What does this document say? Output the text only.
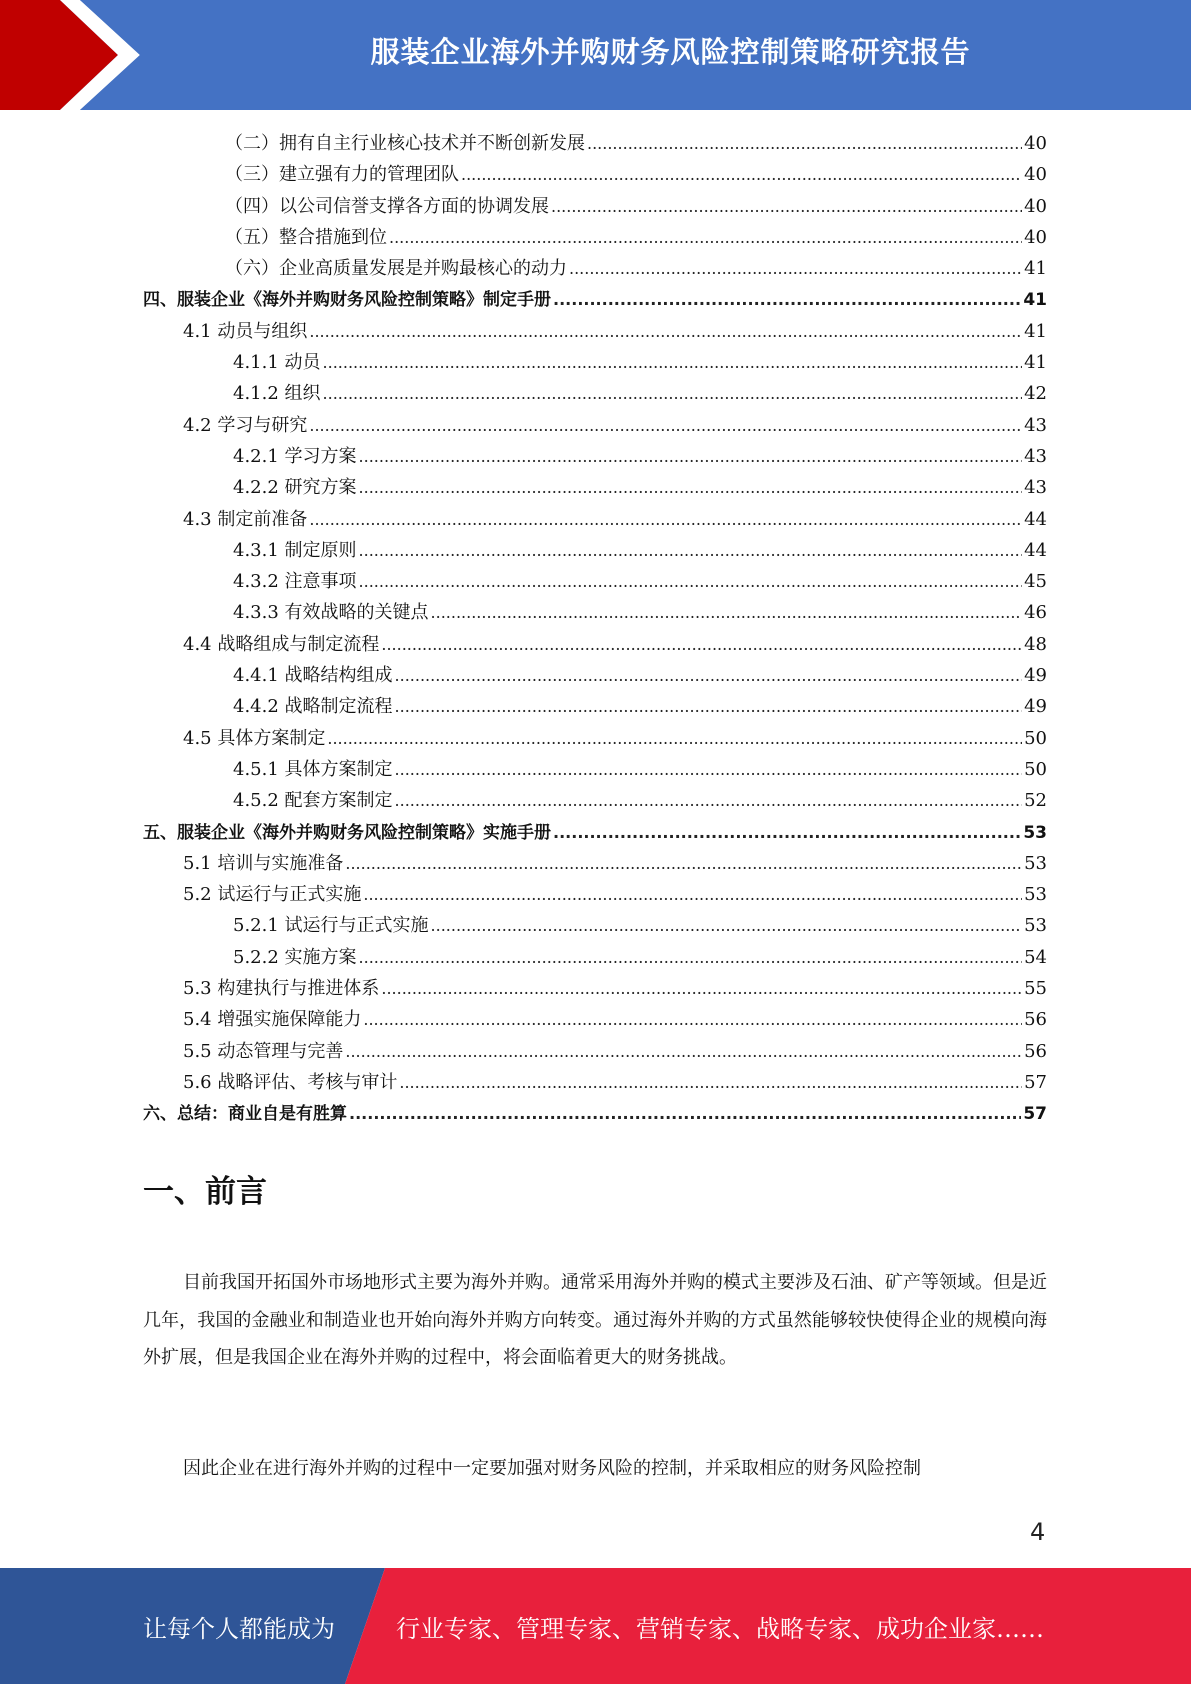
服装企业海外并购财务风险控制策略研究报告
（二）拥有自主行业核心技术并不断创新发展 .....	40
（三）建立强有力的管理团队 .....	40
（四）以公司信誉支撑各方面的协调发展 .....	40
（五）整合措施到位 .....	40
（六）企业高质量发展是并购最核心的动力 .....	41
四、服装企业《海外并购财务风险控制策略》制定手册 .....	41
4.1 动员与组织 .....	41
4.1.1 动员 .....	41
4.1.2 组织 .....	42
4.2 学习与研究 .....	43
4.2.1 学习方案 .....	43
4.2.2 研究方案 .....	43
4.3 制定前准备 .....	44
4.3.1 制定原则 .....	44
4.3.2 注意事项 .....	45
4.3.3 有效战略的关键点 .....	46
4.4 战略组成与制定流程 .....	48
4.4.1 战略结构组成 .....	49
4.4.2 战略制定流程 .....	49
4.5 具体方案制定 .....	50
4.5.1 具体方案制定 .....	50
4.5.2 配套方案制定 .....	52
五、服装企业《海外并购财务风险控制策略》实施手册 .....	53
5.1 培训与实施准备 .....	53
5.2 试运行与正式实施 .....	53
5.2.1 试运行与正式实施 .....	53
5.2.2 实施方案 .....	54
5.3 构建执行与推进体系 .....	55
5.4 增强实施保障能力 .....	56
5.5 动态管理与完善 .....	56
5.6 战略评估、考核与审计 .....	57
六、总结：商业自是有胜算 .....	57
一、前言

目前我国开拓国外市场地形式主要为海外并购。通常采用海外并购的模式主要涉及石油、矿产等领域。但是近几年，我国的金融业和制造业也开始向海外并购方向转变。通过海外并购的方式虽然能够较快使得企业的规模向海外扩展，但是我国企业在海外并购的过程中，将会面临着更大的财务挑战。

因此企业在进行海外并购的过程中一定要加强对财务风险的控制，并采取相应的财务风险控制

4
让每个人都能成为	行业专家、管理专家、营销专家、战略专家、成功企业家……
